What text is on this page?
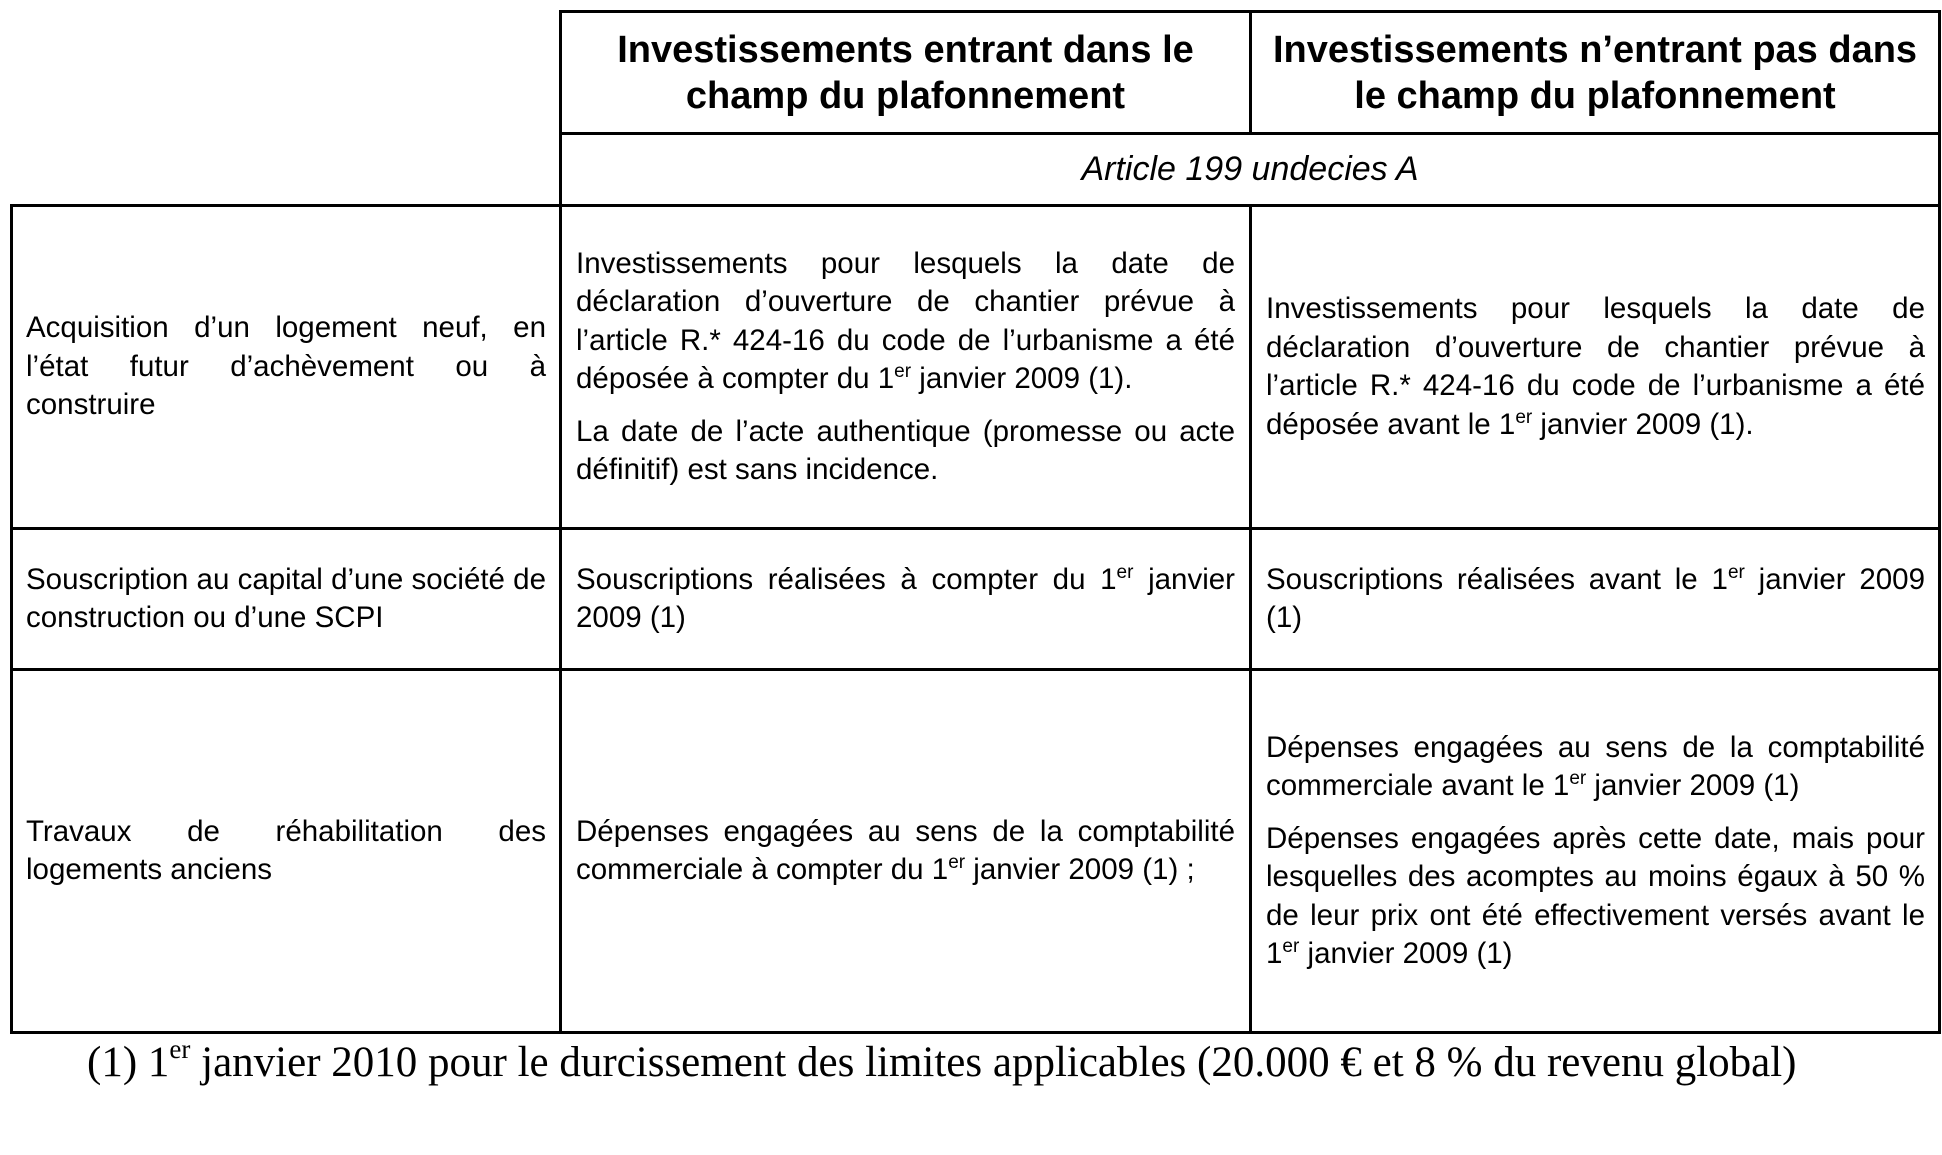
Investissements entrant dans le champ du plafonnement
Investissements n’entrant pas dans le champ du plafonnement
Article 199 undecies A
Acquisition d’un logement neuf, en l’état futur d’achèvement ou à construire

Investissements pour lesquels la date de déclaration d’ouverture de chantier prévue à l’article R.* 424-16 du code de l’urbanisme a été déposée à compter du 1er janvier 2009 (1).

La date de l’acte authentique (promesse ou acte définitif) est sans incidence.

Investissements pour lesquels la date de déclaration d’ouverture de chantier prévue à l’article R.* 424-16 du code de l’urbanisme a été déposée avant le 1er janvier 2009 (1).

Souscription au capital d’une société de construction ou d’une SCPI

Souscriptions réalisées à compter du 1er janvier 2009 (1)

Souscriptions réalisées avant le 1er janvier 2009 (1)

Travaux de réhabilitation des logements anciens

Dépenses engagées au sens de la comptabilité commerciale à compter du 1er janvier 2009 (1) ;

Dépenses engagées au sens de la comptabilité commerciale avant le 1er janvier 2009 (1)

Dépenses engagées après cette date, mais pour lesquelles des acomptes au moins égaux à 50 % de leur prix ont été effectivement versés avant le 1er janvier 2009 (1)

(1) 1er janvier 2010 pour le durcissement des limites applicables (20.000 € et 8 % du revenu global)
